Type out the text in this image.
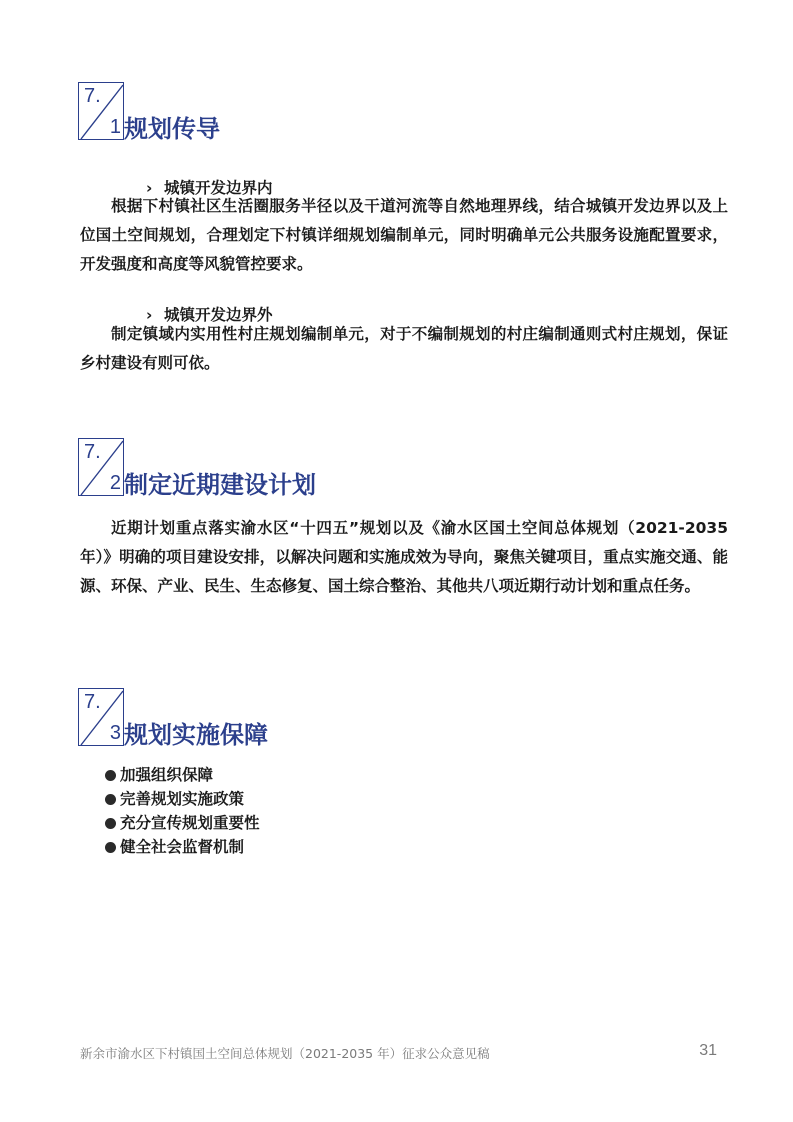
7.
1 规划传导
› 城镇开发边界内

根据下村镇社区生活圈服务半径以及干道河流等自然地理界线，结合城镇开发边界以及上位国土空间规划，合理划定下村镇详细规划编制单元，同时明确单元公共服务设施配置要求，开发强度和高度等风貌管控要求。

› 城镇开发边界外

制定镇域内实用性村庄规划编制单元，对于不编制规划的村庄编制通则式村庄规划，保证乡村建设有则可依。

7.
2 制定近期建设计划

近期计划重点落实渝水区“十四五”规划以及《渝水区国土空间总体规划（2021-2035 年）》明确的项目建设安排，以解决问题和实施成效为导向，聚焦关键项目，重点实施交通、能源、环保、产业、民生、生态修复、国土综合整治、其他共八项近期行动计划和重点任务。

7.
3 规划实施保障
加强组织保障
完善规划实施政策
充分宣传规划重要性
健全社会监督机制
新余市渝水区下村镇国土空间总体规划（2021-2035 年）征求公众意见稿	31
